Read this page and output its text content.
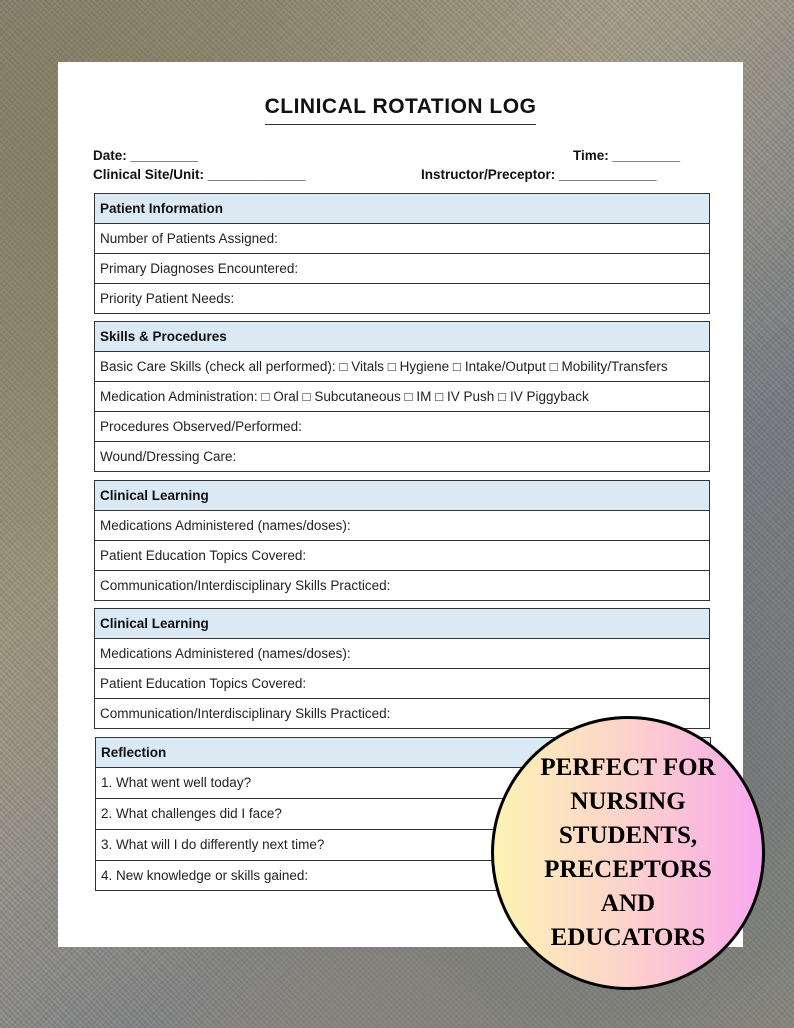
CLINICAL ROTATION LOG
Date: _________	Time: _________
Clinical Site/Unit: _____________	Instructor/Preceptor: _____________
Patient Information
Number of Patients Assigned:
Primary Diagnoses Encountered:
Priority Patient Needs:
Skills & Procedures
Basic Care Skills (check all performed): □ Vitals □ Hygiene □ Intake/Output □ Mobility/Transfers
Medication Administration: □ Oral □ Subcutaneous □ IM □ IV Push □ IV Piggyback
Procedures Observed/Performed:
Wound/Dressing Care:
Clinical Learning
Medications Administered (names/doses):
Patient Education Topics Covered:
Communication/Interdisciplinary Skills Practiced:
Clinical Learning
Medications Administered (names/doses):
Patient Education Topics Covered:
Communication/Interdisciplinary Skills Practiced:
Reflection
1. What went well today?
2. What challenges did I face?
3. What will I do differently next time?
4. New knowledge or skills gained:
PERFECT FOR
NURSING
STUDENTS,
PRECEPTORS
AND
EDUCATORS
